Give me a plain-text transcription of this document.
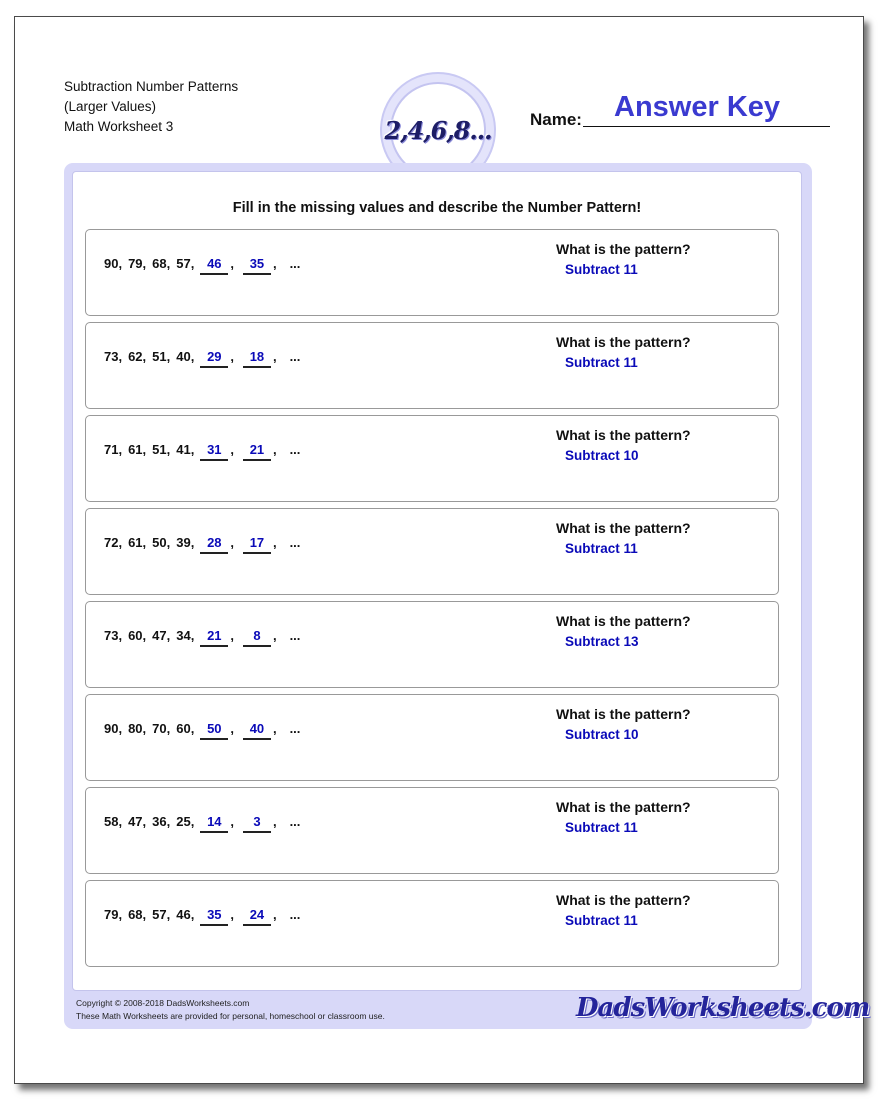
Subtraction Number Patterns
(Larger Values)
Math Worksheet 3	2,4,6,8... Name: Answer Key
Fill in the missing values and describe the Number Pattern!
90, 79, 68, 57, 46 , 35 , ...
What is the pattern?
Subtract 11
73, 62, 51, 40, 29 , 18 , ...
What is the pattern?
Subtract 11
71, 61, 51, 41, 31 , 21 , ...
What is the pattern?
Subtract 10
72, 61, 50, 39, 28 , 17 , ...
What is the pattern?
Subtract 11
73, 60, 47, 34, 21 , 8 , ...
What is the pattern?
Subtract 13
90, 80, 70, 60, 50 , 40 , ...
What is the pattern?
Subtract 10
58, 47, 36, 25, 14 , 3 , ...
What is the pattern?
Subtract 11
79, 68, 57, 46, 35 , 24 , ...
What is the pattern?
Subtract 11
Copyright © 2008-2018 DadsWorksheets.com
These Math Worksheets are provided for personal, homeschool or classroom use.	DadsWorksheets.com
